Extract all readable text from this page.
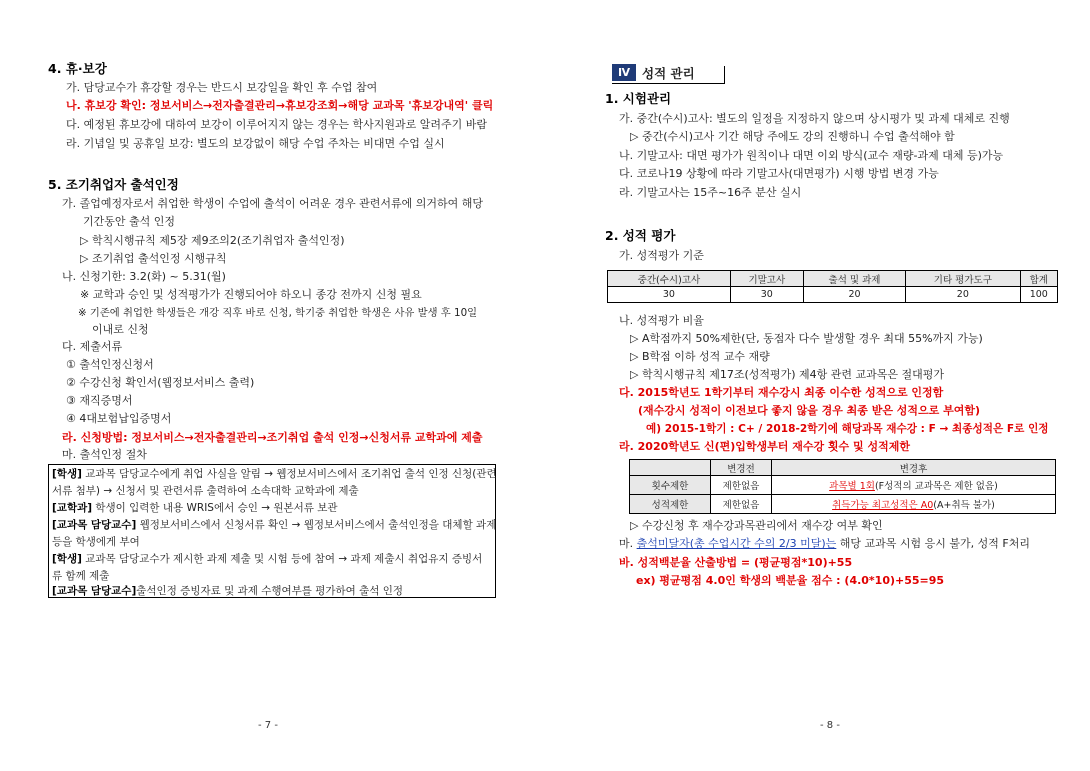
4. 휴·보강
가. 담당교수가 휴강할 경우는 반드시 보강일을 확인 후 수업 참여
나. 휴보강 확인: 정보서비스→전자출결관리→휴보강조회→해당 교과목 '휴보강내역' 클릭
다. 예정된 휴보강에 대하여 보강이 이루어지지 않는 경우는 학사지원과로 알려주기 바람
라. 기념일 및 공휴일 보강: 별도의 보강없이 해당 수업 주차는 비대면 수업 실시
5. 조기취업자 출석인정
가. 졸업예정자로서 취업한 학생이 수업에 출석이 어려운 경우 관련서류에 의거하여 해당
기간동안 출석 인정
▷ 학칙시행규칙 제5장 제9조의2(조기취업자 출석인정)
▷ 조기취업 출석인정 시행규칙
나. 신청기한: 3.2(화) ~ 5.31(월)
※ 교학과 승인 및 성적평가가 진행되어야 하오니 종강 전까지 신청 필요
※ 기존에 취업한 학생들은 개강 직후 바로 신청, 학기중 취업한 학생은 사유 발생 후 10일
이내로 신청
다. 제출서류
① 출석인정신청서
② 수강신청 확인서(웹정보서비스 출력)
③ 재직증명서
④ 4대보험납입증명서
라. 신청방법: 정보서비스→전자출결관리→조기취업 출석 인정→신청서류 교학과에 제출
마. 출석인정 절차
[학생] 교과목 담당교수에게 취업 사실을 알림 → 웹정보서비스에서 조기취업 출석 인정 신청(관련
서류 첨부) → 신청서 및 관련서류 출력하여 소속대학 교학과에 제출
[교학과] 학생이 입력한 내용 WRIS에서 승인 → 원본서류 보관
[교과목 담당교수] 웹정보서비스에서 신청서류 확인 → 웹정보서비스에서 출석인정을 대체할 과제
등을 학생에게 부여
[학생] 교과목 담당교수가 제시한 과제 제출 및 시험 등에 참여 → 과제 제출시 취업유지 증빙서
류 함께 제출
[교과목 담당교수]출석인정 증빙자료 및 과제 수행여부를 평가하여 출석 인정
- 7 -
Ⅳ 성적 관리
1. 시험관리
가. 중간(수시)고사: 별도의 일정을 지정하지 않으며 상시평가 및 과제 대체로 진행
▷ 중간(수시)고사 기간 해당 주에도 강의 진행하니 수업 출석해야 함
나. 기말고사: 대면 평가가 원칙이나 대면 이외 방식(교수 재량-과제 대체 등)가능
다. 코로나19 상황에 따라 기말고사(대면평가) 시행 방법 변경 가능
라. 기말고사는 15주~16주 분산 실시
2. 성적 평가
가. 성적평가 기준
중간(수시)고사	기말고사	출석 및 과제	기타 평가도구	합계
30	30	20	20	100
나. 성적평가 비율
▷ A학점까지 50%제한(단, 동점자 다수 발생할 경우 최대 55%까지 가능)
▷ B학점 이하 성적 교수 재량
▷ 학칙시행규칙 제17조(성적평가) 제4항 관련 교과목은 절대평가
다. 2015학년도 1학기부터 재수강시 최종 이수한 성적으로 인정함
(재수강시 성적이 이전보다 좋지 않을 경우 최종 받은 성적으로 부여함)
예) 2015-1학기 : C+ / 2018-2학기에 해당과목 재수강 : F → 최종성적은 F로 인정
라. 2020학년도 신(편)입학생부터 재수강 횟수 및 성적제한
	변경전	변경후
횟수제한	제한없음	과목별 1회(F성적의 교과목은 제한 없음)
성적제한	제한없음	취득가능 최고성적은 A0(A+취득 불가)
▷ 수강신청 후 재수강과목관리에서 재수강 여부 확인
마. 출석미달자(총 수업시간 수의 2/3 미달)는 해당 교과목 시험 응시 불가, 성적 F처리
바. 성적백분율 산출방법 = (평균평점*10)+55
ex) 평균평점 4.0인 학생의 백분율 점수 : (4.0*10)+55=95
- 8 -
